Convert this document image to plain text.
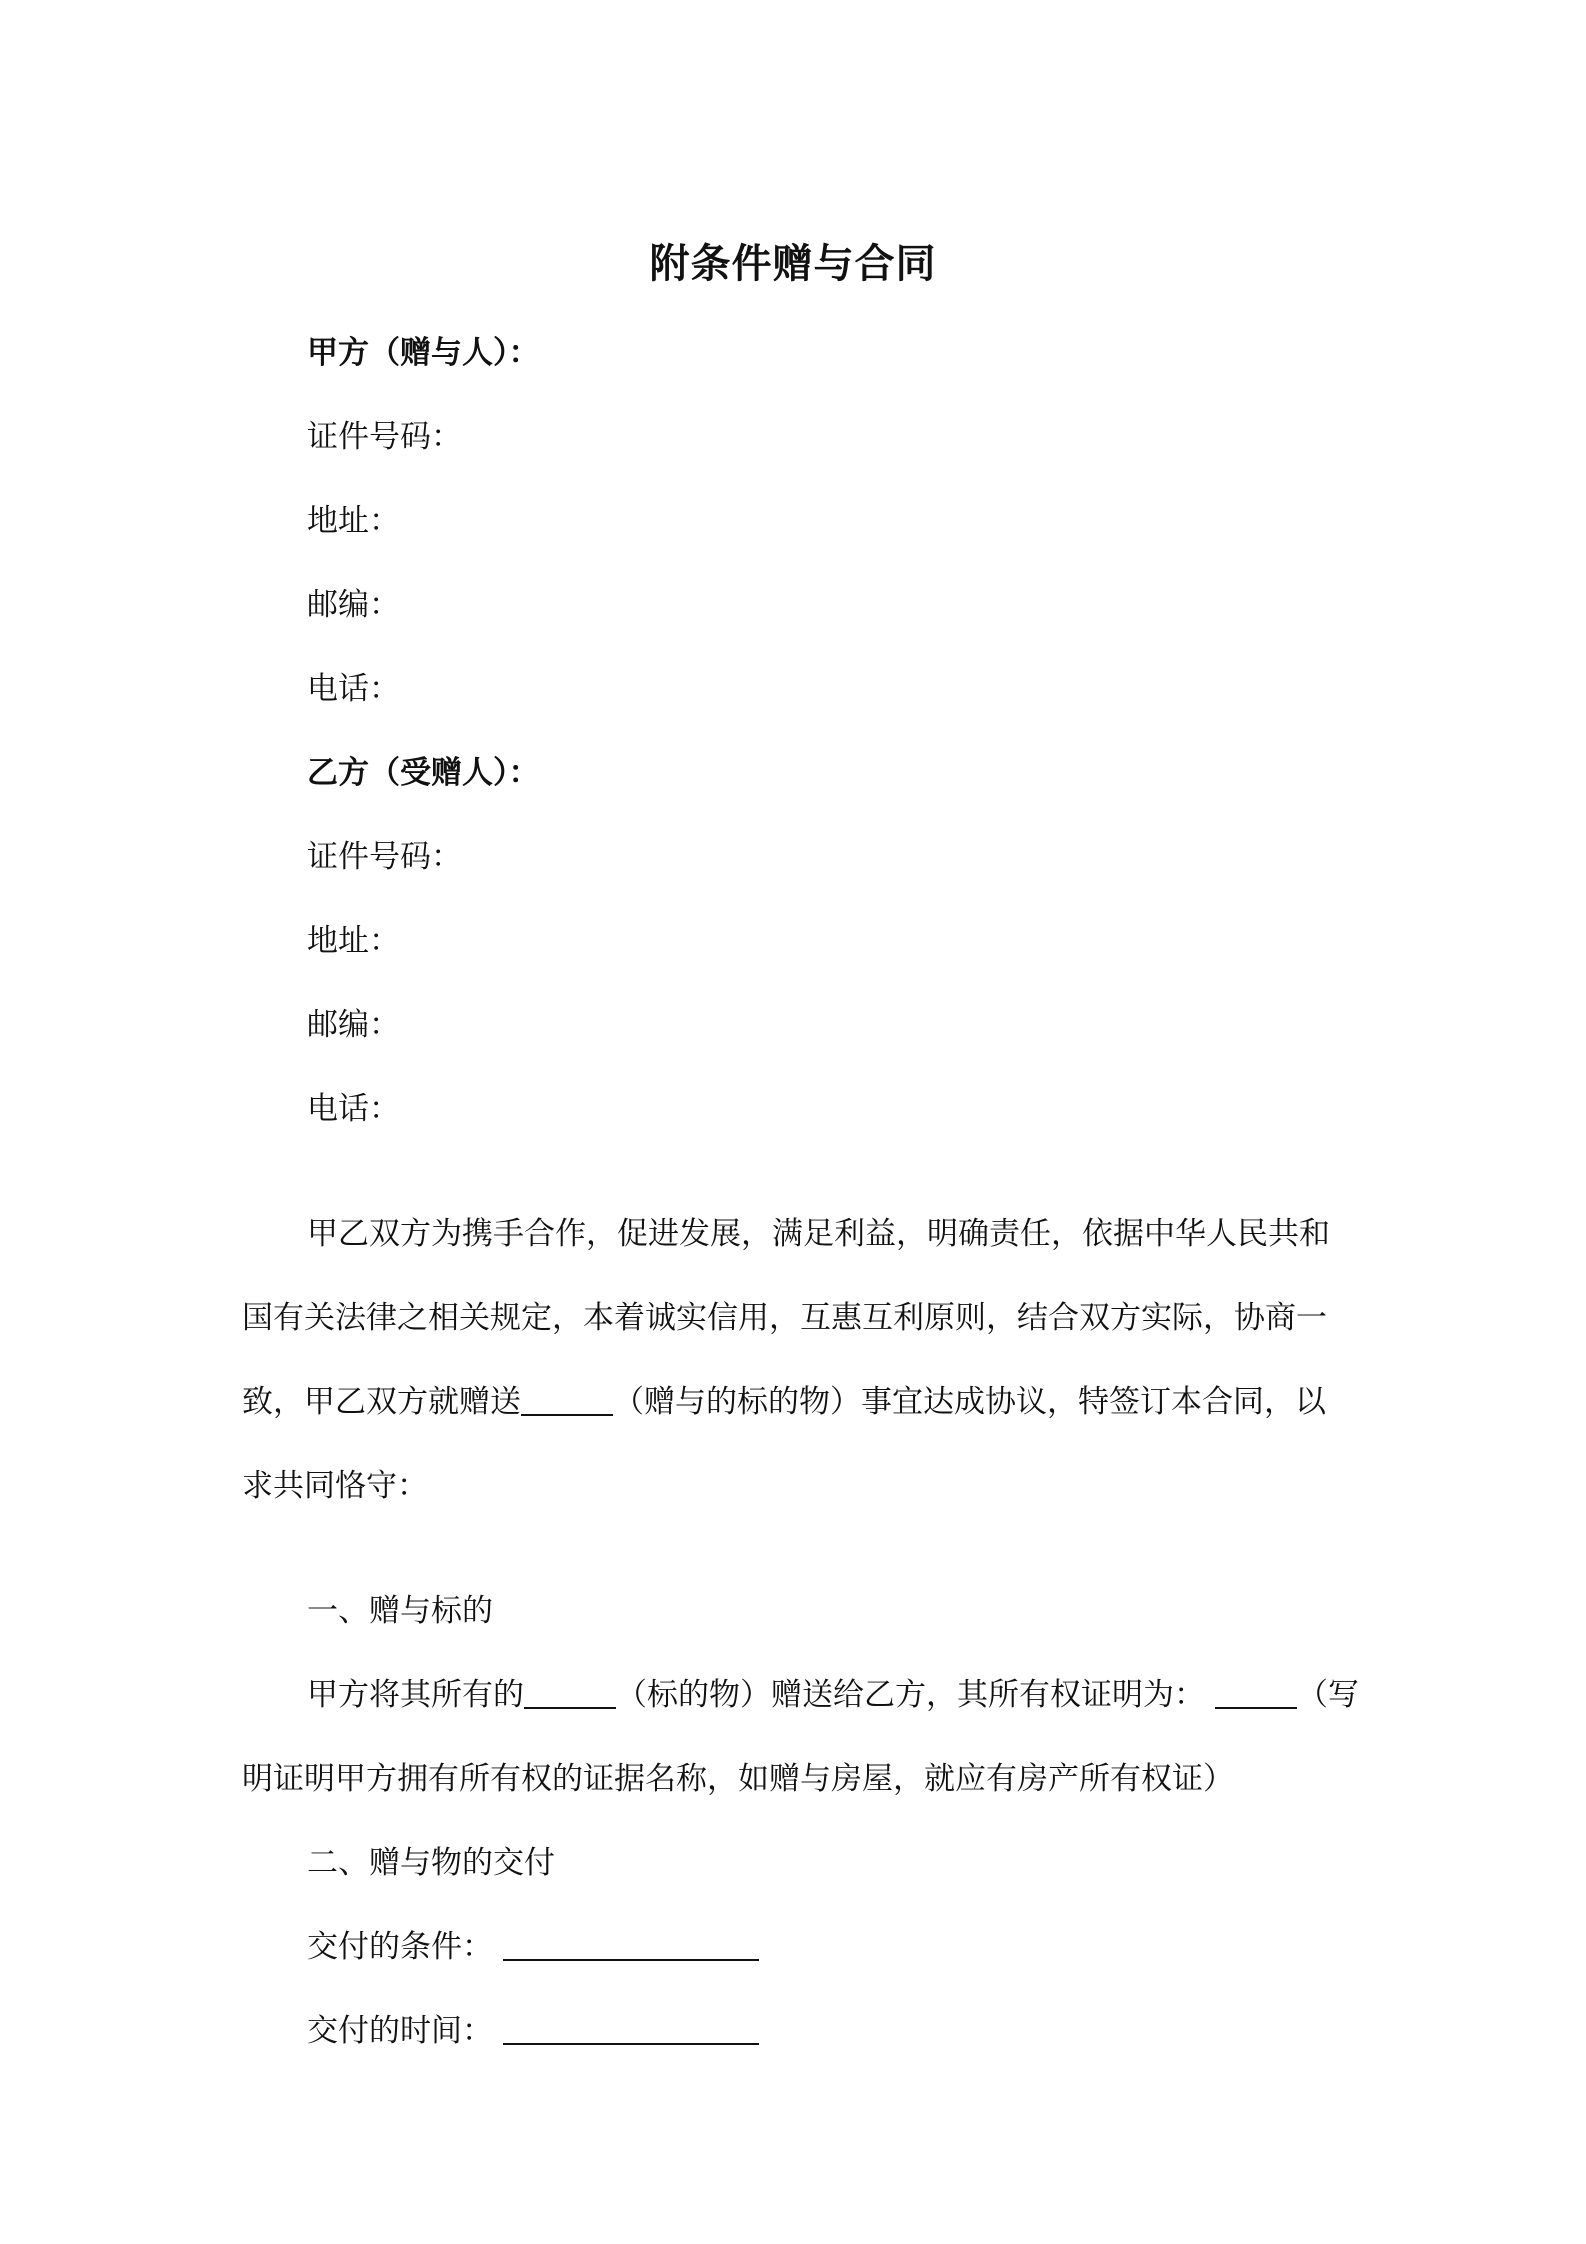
附条件赠与合同
甲方（赠与人）：
证件号码：
地址：
邮编：
电话：
乙方（受赠人）：
证件号码：
地址：
邮编：
电话：
甲乙双方为携手合作，促进发展，满足利益，明确责任，依据中华人民共和
国有关法律之相关规定，本着诚实信用，互惠互利原则，结合双方实际，协商一
致，甲乙双方就赠送	（赠与的标的物）事宜达成协议，特签订本合同，以
求共同恪守：
一、赠与标的
甲方将其所有的	（标的物）赠送给乙方，其所有权证明为：	（写
明证明甲方拥有所有权的证据名称，如赠与房屋，就应有房产所有权证）
二、赠与物的交付
交付的条件：
交付的时间：
